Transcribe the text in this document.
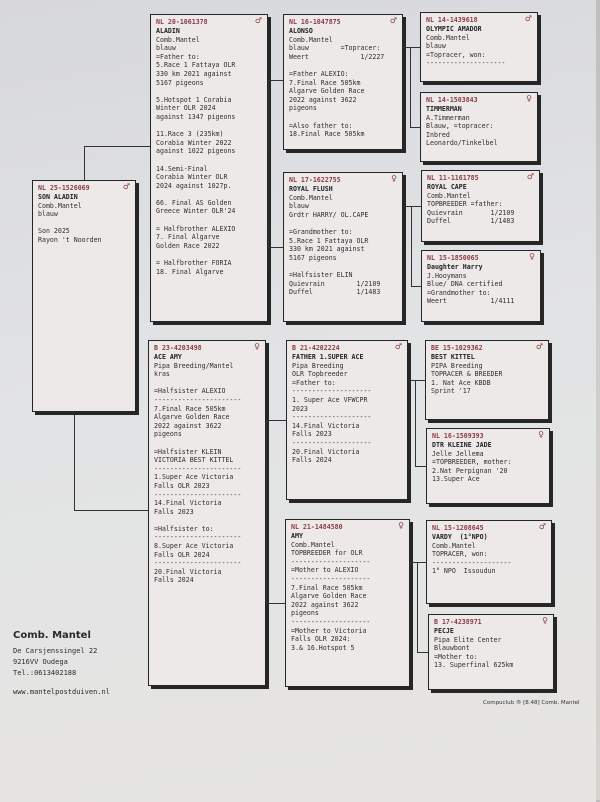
NL 25-1526069	♂
SON ALADIN
Comb.Mantel
blauw
Son 2025
Rayon 't Noorden
NL 20-1061378	♂
ALADIN
Comb.Mantel
blauw
=Father to:
5.Race 1 Fattaya OLR
330 km 2021 against
5167 pigeons
5.Hotspot 1 Corabia
Winter OLR 2024
against 1347 pigeons
11.Race 3 (235km)
Corabia Winter 2022
against 1022 pigeons
14.Semi-Final
Corabia Winter OLR
2024 against 1027p.
66. Final AS Golden
Greece Winter OLR'24
= Halfbrother ALEXIO
7. Final Algarve
Golden Race 2022
= Halfbrother FORIA
18. Final Algarve
B 23-4203498	♀
ACE AMY
Pipa Breeding/Mantel
kras
=Halfsister ALEXIO
----------------------
7.Final Race 505km
Algarve Golden Race
2022 against 3622
pigeons
=Halfsister KLEIN
VICTORIA BEST KITTEL
----------------------
1.Super Ace Victoria
Falls OLR 2023
----------------------
14.Final Victoria
Falls 2023
=Halfsister to:
----------------------
8.Super Ace Victoria
Falls OLR 2024
----------------------
20.Final Victoria
Falls 2024
NL 16-1047875	♂
ALONSO
Comb.Mantel
blauw        =Topracer:
Weert             1/2227
=Father ALEXIO:
7.Final Race 505km
Algarve Golden Race
2022 against 3622
pigeons
=Also father to:
18.Final Race 505km
NL 17-1622755	♀
ROYAL FLUSH
Comb.Mantel
blauw
Grdtr HARRY/ OL.CAPE
=Grandmother to:
5.Race 1 Fattaya OLR
330 km 2021 against
5167 pigeons
=Halfsister ELIN
Quievrain        1/2109
Duffel           1/1483
B 21-4202224	♂
FATHER 1.SUPER ACE
Pipa Breeding
OLR Topbreeder
=Father to:
--------------------
1. Super Ace VFWCPR
2023
--------------------
14.Final Victoria
Falls 2023
--------------------
20.Final Victoria
Falls 2024
NL 21-1484580	♀
AMY
Comb.Mantel
TOPBREEDER for OLR
--------------------
=Mother to ALEXIO
--------------------
7.Final Race 505km
Algarve Golden Race
2022 against 3622
pigeons
--------------------
=Mother to Victoria
Falls OLR 2024:
3.& 16.Hotspot 5
NL 14-1439618	♂
OLYMPIC AMADOR
Comb.Mantel
blauw
=Topracer, won:
--------------------
NL 14-1503843	♀
TIMMERMAN
A.Timmerman
Blauw, =topracer:
Inbred
Leonardo/Tinkelbel
NL 11-1161785	♂
ROYAL CAPE
Comb.Mantel
TOPBREEDER =father:
Quievrain       1/2109
Duffel          1/1483
NL 15-1850065	♀
Daughter Harry
J.Hooymans
Blue/ DNA certified
=Grandmother to:
Weert           1/4111
BE 15-1029362	♂
BEST KITTEL
PIPA Breeding
TOPRACER & BREEDER
1. Nat Ace KBDB
Sprint '17
NL 16-1509393	♀
DTR KLEINE JADE
Jelle Jellema
=TOPBREEDER, mother:
2.Nat Perpignan '20
13.Super Ace
NL 15-1208645	♂
VARDY  (1°NPO)
Comb.Mantel
TOPRACER, won:
--------------------
1° NPO  Issoudun
B 17-4238971	♀
PECJE
Pipa Elite Center
Blauwbont
=Mother to:
13. Superfinal 625km
Comb. Mantel
De Carsjenssingel 22
9216VV Oudega
Tel.:0613402188
www.mantelpostduiven.nl
Compuclub ® [8.48] Comb. Mantel
